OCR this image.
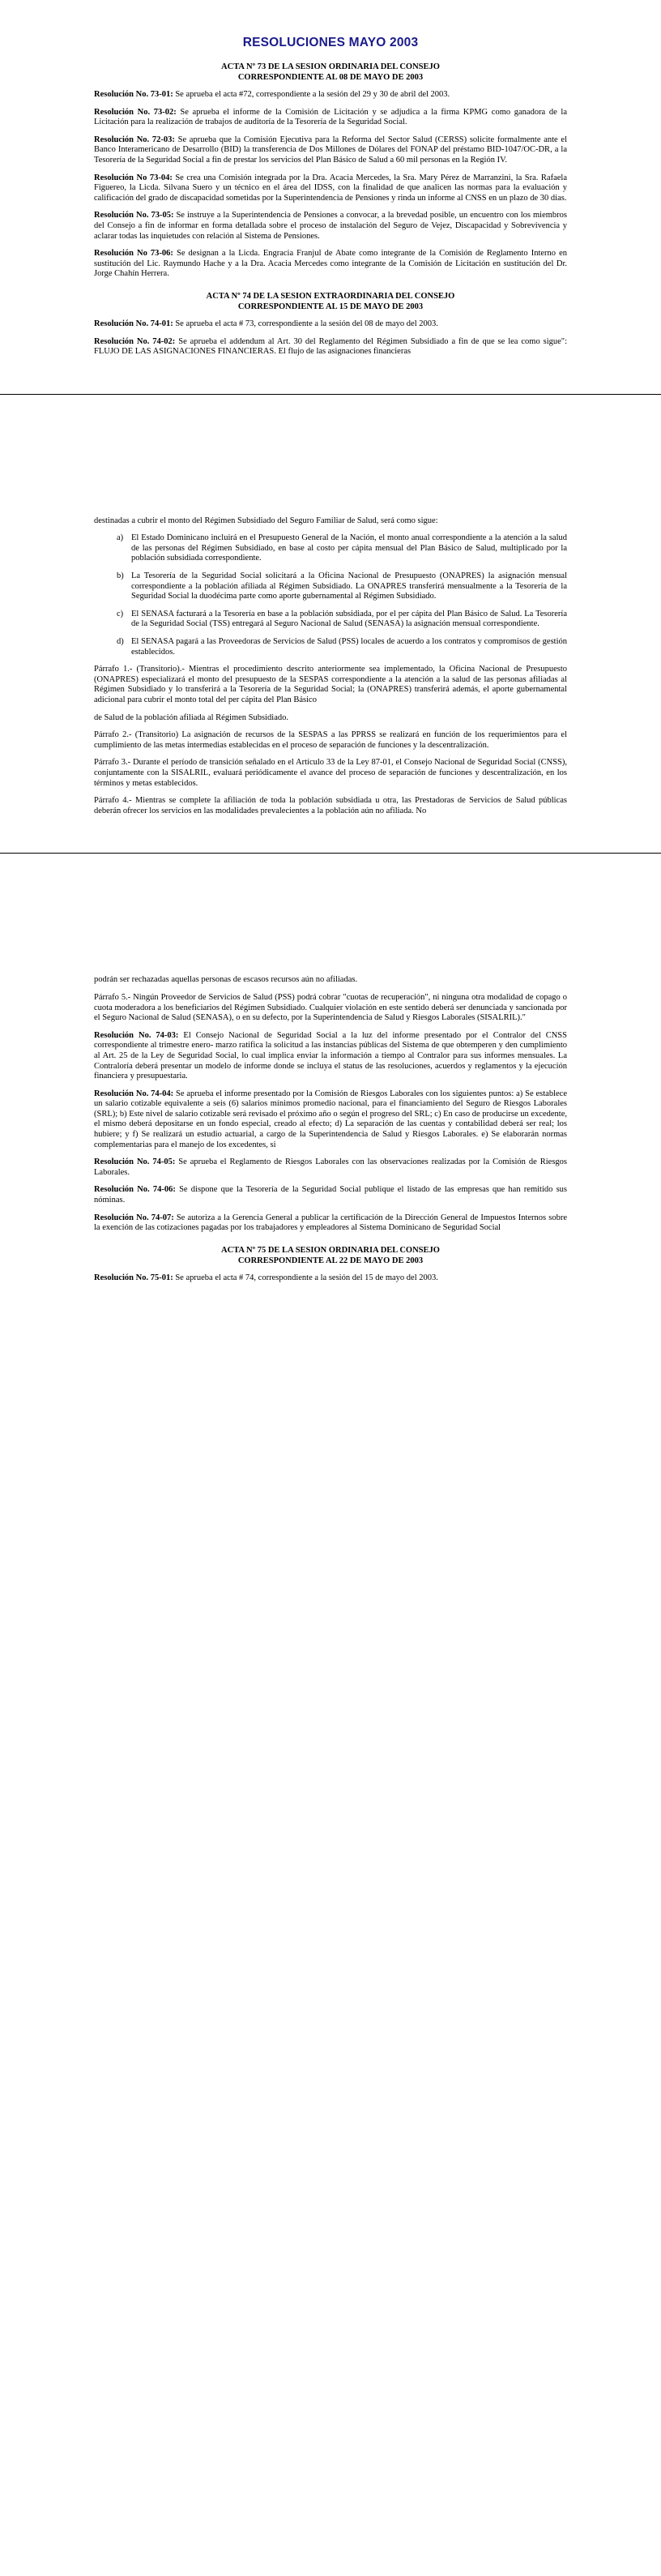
RESOLUCIONES MAYO 2003
ACTA Nº 73 DE LA SESION ORDINARIA DEL CONSEJO
CORRESPONDIENTE AL 08 DE MAYO DE 2003

Resolución No. 73-01: Se aprueba el acta #72, correspondiente a la sesión del 29 y 30 de abril del 2003.

Resolución No. 73-02: Se aprueba el informe de la Comisión de Licitación y se adjudica a la firma KPMG como ganadora de la Licitación para la realización de trabajos de auditoría de la Tesorería de la Seguridad Social.

Resolución No. 72-03: Se aprueba que la Comisión Ejecutiva para la Reforma del Sector Salud (CERSS) solicite formalmente ante el Banco Interamericano de Desarrollo (BID) la transferencia de Dos Millones de Dólares del FONAP del préstamo BID-1047/OC-DR, a la Tesorería de la Seguridad Social a fin de prestar los servicios del Plan Básico de Salud a 60 mil personas en la Región IV.

Resolución No 73-04: Se crea una Comisión integrada por la Dra. Acacia Mercedes, la Sra. Mary Pérez de Marranzini, la Sra. Rafaela Figuereo, la Licda. Silvana Suero y un técnico en el área del IDSS, con la finalidad de que analicen las normas para la evaluación y calificación del grado de discapacidad sometidas por la Superintendencia de Pensiones y rinda un informe al CNSS en un plazo de 30 días.

Resolución No. 73-05: Se instruye a la Superintendencia de Pensiones a convocar, a la brevedad posible, un encuentro con los miembros del Consejo a fin de informar en forma detallada sobre el proceso de instalación del Seguro de Vejez, Discapacidad y Sobrevivencia y aclarar todas las inquietudes con relación al Sistema de Pensiones.

Resolución No 73-06: Se designan a la Licda. Engracia Franjul de Abate como integrante de la Comisión de Reglamento Interno en sustitución del Lic. Raymundo Hache y a la Dra. Acacia Mercedes como integrante de la Comisión de Licitación en sustitución del Dr. Jorge Chahín Herrera.

ACTA Nº 74 DE LA SESION EXTRAORDINARIA DEL CONSEJO
CORRESPONDIENTE AL 15 DE MAYO DE 2003

Resolución No. 74-01: Se aprueba el acta # 73, correspondiente a la sesión del 08 de mayo del 2003.

Resolución No. 74-02: Se aprueba el addendum al Art. 30 del Reglamento del Régimen Subsidiado a fin de que se lea como sigue": FLUJO DE LAS ASIGNACIONES FINANCIERAS. El flujo de las asignaciones financieras

destinadas a cubrir el monto del Régimen Subsidiado del Seguro Familiar de Salud, será como sigue:

a) El Estado Dominicano incluirá en el Presupuesto General de la Nación, el monto anual correspondiente a la atención a la salud de las personas del Régimen Subsidiado, en base al costo per cápita mensual del Plan Básico de Salud, multiplicado por la población subsidiada correspondiente.
b) La Tesorería de la Seguridad Social solicitará a la Oficina Nacional de Presupuesto (ONAPRES) la asignación mensual correspondiente a la población afiliada al Régimen Subsidiado. La ONAPRES transferirá mensualmente a la Tesorería de la Seguridad Social la duodécima parte como aporte gubernamental al Régimen Subsidiado.
c) El SENASA facturará a la Tesorería en base a la población subsidiada, por el per cápita del Plan Básico de Salud. La Tesorería de la Seguridad Social (TSS) entregará al Seguro Nacional de Salud (SENASA) la asignación mensual correspondiente.
d) El SENASA pagará a las Proveedoras de Servicios de Salud (PSS) locales de acuerdo a los contratos y compromisos de gestión establecidos.

Párrafo 1.- (Transitorio).- Mientras el procedimiento descrito anteriormente sea implementado, la Oficina Nacional de Presupuesto (ONAPRES) especializará el monto del presupuesto de la SESPAS correspondiente a la atención a la salud de las personas afiliadas al Régimen Subsidiado y lo transferirá a la Tesorería de la Seguridad Social; la (ONAPRES) transferirá además, el aporte gubernamental adicional para cubrir el monto total del per cápita del Plan Básico

de Salud de la población afiliada al Régimen Subsidiado.

Párrafo 2.- (Transitorio) La asignación de recursos de la SESPAS a las PPRSS se realizará en función de los requerimientos para el cumplimiento de las metas intermedias establecidas en el proceso de separación de funciones y la descentralización.

Párrafo 3.- Durante el período de transición señalado en el Artículo 33 de la Ley 87-01, el Consejo Nacional de Seguridad Social (CNSS), conjuntamente con la SISALRIL, evaluará periódicamente el avance del proceso de separación de funciones y descentralización, en los términos y metas establecidos.

Párrafo 4.- Mientras se complete la afiliación de toda la población subsidiada u otra, las Prestadoras de Servicios de Salud públicas deberán ofrecer los servicios en las modalidades prevalecientes a la población aún no afiliada. No

podrán ser rechazadas aquellas personas de escasos recursos aún no afiliadas.

Párrafo 5.- Ningún Proveedor de Servicios de Salud (PSS) podrá cobrar "cuotas de recuperación", ni ninguna otra modalidad de copago o cuota moderadora a los beneficiarios del Régimen Subsidiado. Cualquier violación en este sentido deberá ser denunciada y sancionada por el Seguro Nacional de Salud (SENASA), o en su defecto, por la Superintendencia de Salud y Riesgos Laborales (SISALRIL)."

Resolución No. 74-03: El Consejo Nacional de Seguridad Social a la luz del informe presentado por el Contralor del CNSS correspondiente al trimestre enero- marzo ratifica la solicitud a las instancias públicas del Sistema de que obtemperen y den cumplimiento al Art. 25 de la Ley de Seguridad Social, lo cual implica enviar la información a tiempo al Contralor para sus informes mensuales. La Contraloría deberá presentar un modelo de informe donde se incluya el status de las resoluciones, acuerdos y reglamentos y la ejecución financiera y presupuestaria.

Resolución No. 74-04: Se aprueba el informe presentado por la Comisión de Riesgos Laborales con los siguientes puntos: a) Se establece un salario cotizable equivalente a seis (6) salarios mínimos promedio nacional, para el financiamiento del Seguro de Riesgos Laborales (SRL); b) Este nivel de salario cotizable será revisado el próximo año o según el progreso del SRL; c) En caso de producirse un excedente, el mismo deberá depositarse en un fondo especial, creado al efecto; d) La separación de las cuentas y contabilidad deberá ser real; los hubiere; y f) Se realizará un estudio actuarial, a cargo de la Superintendencia de Salud y Riesgos Laborales. e) Se elaborarán normas complementarias para el manejo de los excedentes, si

Resolución No. 74-05: Se aprueba el Reglamento de Riesgos Laborales con las observaciones realizadas por la Comisión de Riesgos Laborales.

Resolución No. 74-06: Se dispone que la Tesorería de la Seguridad Social publique el listado de las empresas que han remitido sus nóminas.

Resolución No. 74-07: Se autoriza a la Gerencia General a publicar la certificación de la Dirección General de Impuestos Internos sobre la exención de las cotizaciones pagadas por los trabajadores y empleadores al Sistema Dominicano de Seguridad Social

ACTA Nº 75 DE LA SESION ORDINARIA DEL CONSEJO
CORRESPONDIENTE AL 22 DE MAYO DE 2003

Resolución No. 75-01: Se aprueba el acta # 74, correspondiente a la sesión del 15 de mayo del 2003.
